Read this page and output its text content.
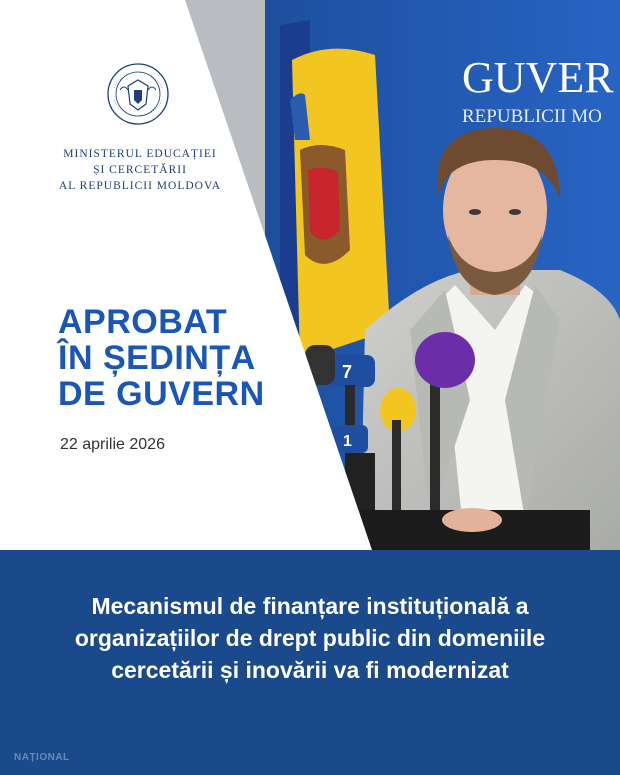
GUVER
REPUBLICII MO
7
1
MINISTERUL EDUCAȚIEI
ȘI CERCETĂRII
AL REPUBLICII MOLDOVA
APROBAT
ÎN ȘEDINȚA
DE GUVERN
22 aprilie 2026
Mecanismul de finanțare instituțională a
organizațiilor de drept public din domeniile
cercetării și inovării va fi modernizat
NAȚIONAL
